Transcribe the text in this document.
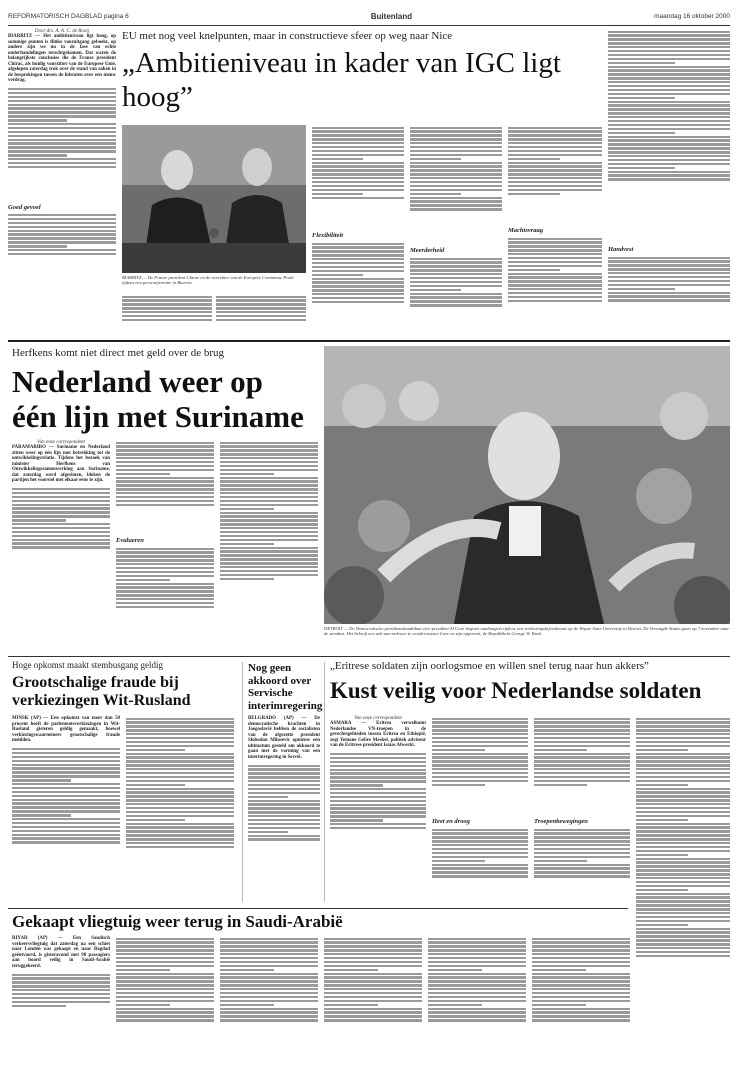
REFORMATORISCH DAGBLAD pagina 6	Buitenland	maandag 16 oktober 2000
Door drs. A. A. C. de Rooij
BIARRITZ — Het ambitieniveau ligt hoog, op sommige punten is flinke vooruitgang geboekt, op andere zijn we nu in de fase van echte onderhandelingen terechtgekomen. Dat waren de belangrijkste conclusies die de Franse president Chirac, als huidig voorzitter van de Europese Unie, afgelopen zaterdag trok over de stand van zaken in de besprekingen tussen de lidstaten over een nieuw verdrag.
Goed gevoel
EU met nog veel knelpunten, maar in constructieve sfeer op weg naar Nice
„Ambitieniveau in kader van IGC ligt hoog”
BIARRITZ — De Franse president Chirac en de voorzitter van de Europese Commissie Prodi tijdens een persconferentie in Biarritz.
Flexibiliteit
Meerderheid
Machtsvraag
Handvest
Herfkens komt niet direct met geld over de brug
Nederland weer op
één lijn met Suriname
Van onze correspondent
PARAMARIBO — Suriname en Nederland zitten weer op één lijn met betrekking tot de ontwikkelingsrelatie. Tijdens het bezoek van minister Herfkens van Ontwikkelingssamenwerking aan Suriname, dat zaterdag werd afgesloten, bleken de partijen het voorstel met elkaar eens te zijn.
Evalueren
DETROIT — De Democratische presidentskandidaat vice-president Al Gore begroet aanhangers tijdens een verkiezingsbijeenkomst op de Wayne State University in Detroit. De Verenigde Staten gaan op 7 november naar de stembus. Het belooft een nek-aan-nekrace te worden tussen Gore en zijn opponent, de Republikein George W. Bush.
Hoge opkomst maakt stembusgang geldig
Grootschalige fraude bij verkiezingen Wit-Rusland
MINSK (AP) — Een opkomst van meer dan 50 procent heeft de parlementsverkiezingen in Wit-Rusland gisteren geldig gemaakt, hoewel verkiezingswaarnemers grootschalige fraude meldden.
Nog geen akkoord over Servische interimregering
BELGRADO (AP) — De democratische krachten in Joegoslavië hebben de socialisten van de afgezette president Slobodan Milosevic opnieuw een ultimatum gesteld om akkoord te gaan met de vorming van een interimregering in Servië.
„Eritrese soldaten zijn oorlogsmoe en willen snel terug naar hun akkers”
Kust veilig voor Nederlandse soldaten
Van onze correspondent
ASMARA — Eritrea verwelkomt Nederlandse VN-troepen in de gevechtsgebieden tussen Eritrea en Ethiopië, zegt Yemane Gebre Meskel, politiek adviseur van de Eritrese president Isaias Afwerki.
Heet en droog	Troepenbewegingen
Gekaapt vliegtuig weer terug in Saudi-Arabië
RIYAD (AP) — Een Saudisch verkeersvliegtuig dat zaterdag na een schiet naar Londen was gekaapt en naar Bagdad geëntvoerd, is gisteravond met 90 passagiers aan boord veilig in Saudi-Arabië teruggekeerd.
